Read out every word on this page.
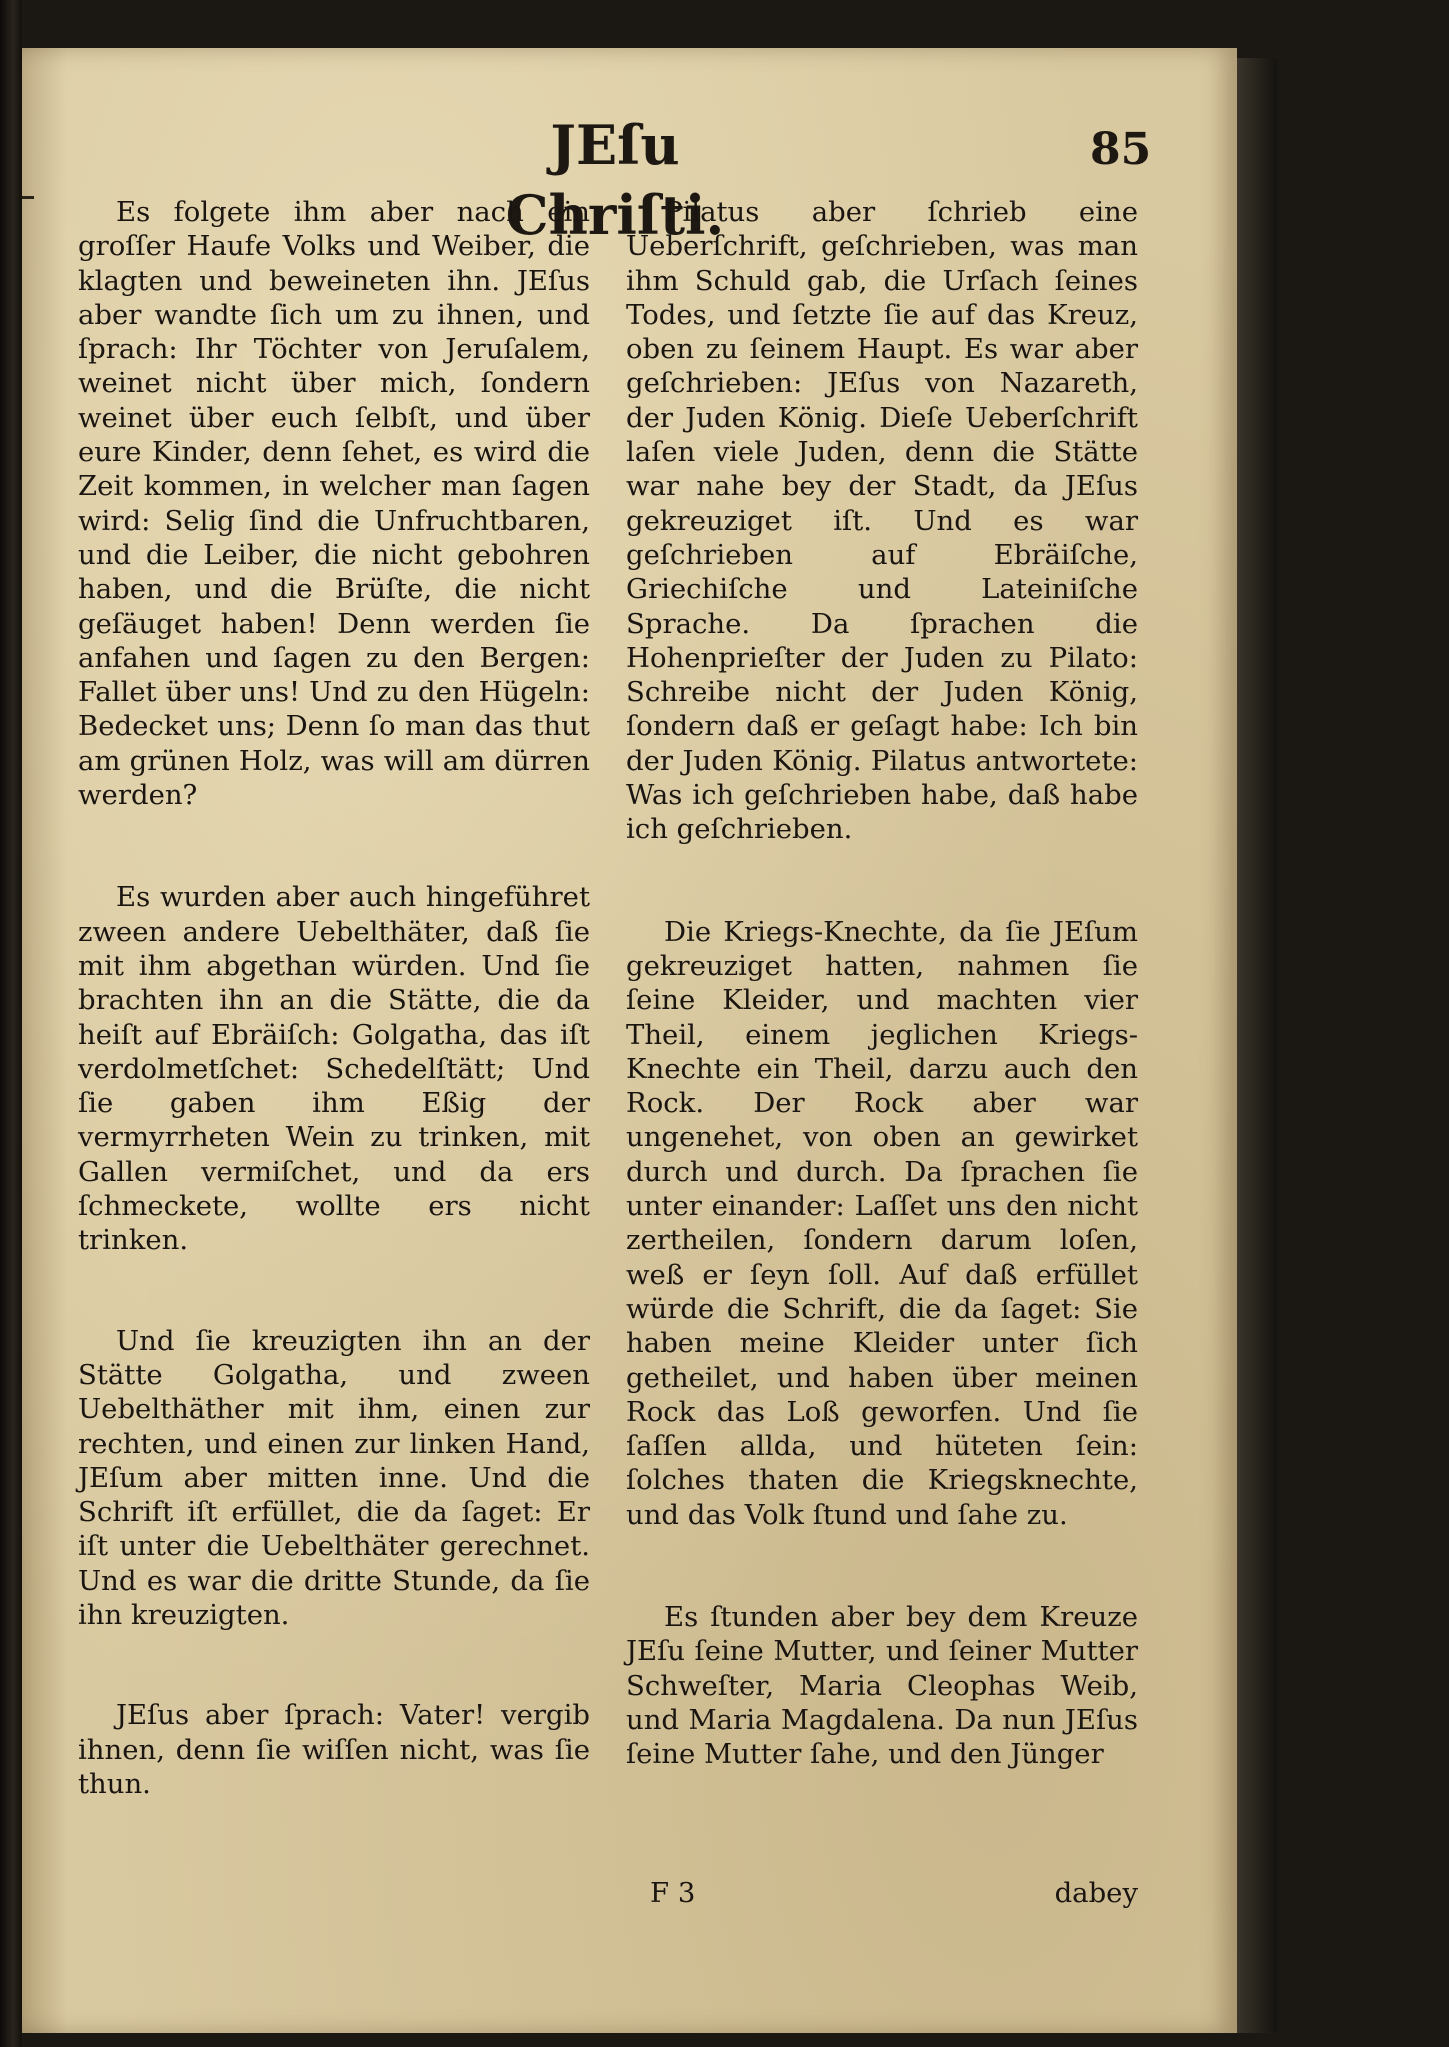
JEſu Chriſti.
85

Es folgete ihm aber nach ein groſſer Haufe Volks und Weiber, die klagten und beweineten ihn. JEſus aber wandte ſich um zu ihnen, und ſprach: Ihr Töchter von Jeruſalem, weinet nicht über mich, ſondern weinet über euch ſelbſt, und über eure Kinder, denn ſehet, es wird die Zeit kommen, in welcher man ſagen wird: Selig ſind die Unfruchtbaren, und die Leiber, die nicht gebohren haben, und die Brüſte, die nicht geſäuget haben! Denn werden ſie anfahen und ſagen zu den Bergen: Fallet über uns! Und zu den Hügeln: Bedecket uns; Denn ſo man das thut am grünen Holz, was will am dürren werden?

Es wurden aber auch hingeführet zween andere Uebelthäter, daß ſie mit ihm abgethan würden. Und ſie brachten ihn an die Stätte, die da heiſt auf Ebräiſch: Golgatha, das iſt verdolmetſchet: Schedelſtätt; Und ſie gaben ihm Eßig der vermyrrheten Wein zu trinken, mit Gallen vermiſchet, und da ers ſchmeckete, wollte ers nicht trinken.

Und ſie kreuzigten ihn an der Stätte Golgatha, und zween Uebelthäther mit ihm, einen zur rechten, und einen zur linken Hand, JEſum aber mitten inne. Und die Schrift iſt erfüllet, die da ſaget: Er iſt unter die Uebelthäter gerechnet. Und es war die dritte Stunde, da ſie ihn kreuzigten.

JEſus aber ſprach: Vater! vergib ihnen, denn ſie wiſſen nicht, was ſie thun.

Pilatus aber ſchrieb eine Ueberſchrift, geſchrieben, was man ihm Schuld gab, die Urſach ſeines Todes, und ſetzte ſie auf das Kreuz, oben zu ſeinem Haupt. Es war aber geſchrieben: JEſus von Nazareth, der Juden König. Dieſe Ueberſchrift laſen viele Juden, denn die Stätte war nahe bey der Stadt, da JEſus gekreuziget iſt. Und es war geſchrieben auf Ebräiſche, Griechiſche und Lateiniſche Sprache. Da ſprachen die Hohenprieſter der Juden zu Pilato: Schreibe nicht der Juden König, ſondern daß er geſagt habe: Ich bin der Juden König. Pilatus antwortete: Was ich geſchrieben habe, daß habe ich geſchrieben.

Die Kriegs-Knechte, da ſie JEſum gekreuziget hatten, nahmen ſie ſeine Kleider, und machten vier Theil, einem jeglichen Kriegs-Knechte ein Theil, darzu auch den Rock. Der Rock aber war ungenehet, von oben an gewirket durch und durch. Da ſprachen ſie unter einander: Laſſet uns den nicht zertheilen, ſondern darum loſen, weß er ſeyn ſoll. Auf daß erfüllet würde die Schrift, die da ſaget: Sie haben meine Kleider unter ſich getheilet, und haben über meinen Rock das Loß geworfen. Und ſie ſaſſen allda, und hüteten ſein: ſolches thaten die Kriegsknechte, und das Volk ſtund und ſahe zu.

Es ſtunden aber bey dem Kreuze JEſu ſeine Mutter, und ſeiner Mutter Schweſter, Maria Cleophas Weib, und Maria Magdalena. Da nun JEſus ſeine Mutter ſahe, und den Jünger

F 3	dabey
